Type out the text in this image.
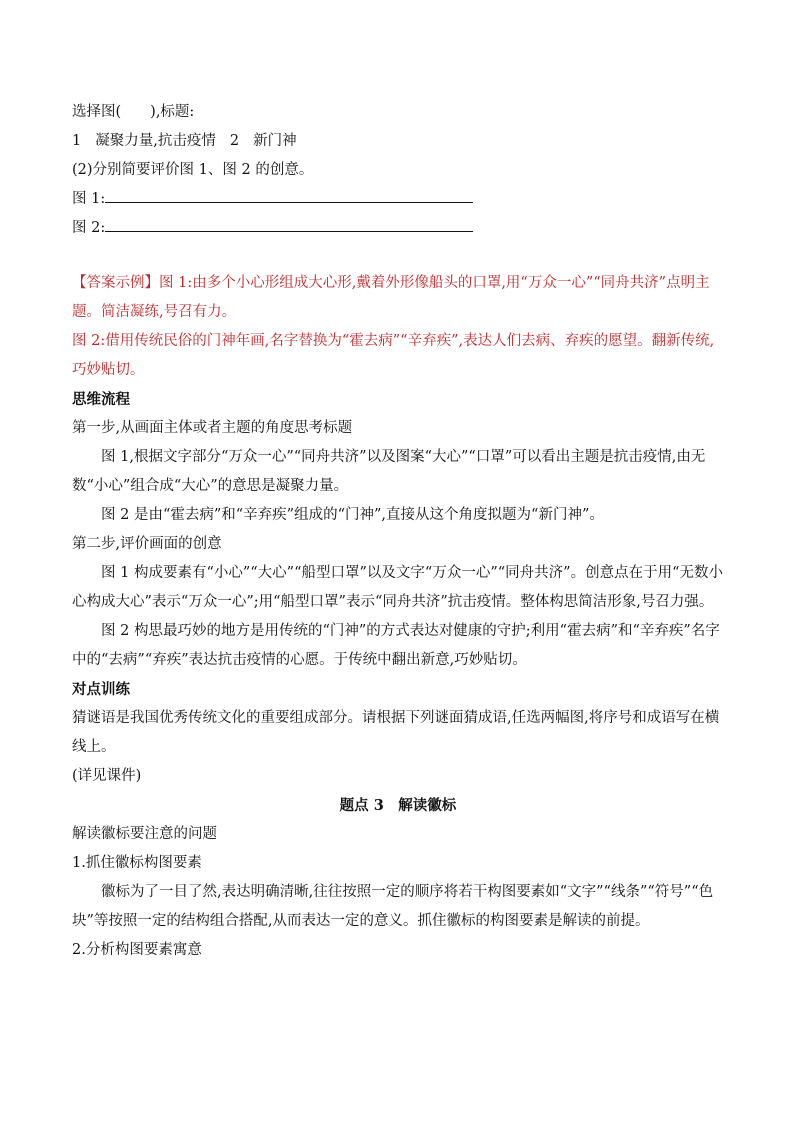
选择图(　　),标题:

1 凝聚力量,抗击疫情 2 新门神

(2)分别简要评价图 1、图 2 的创意。

图 1:

图 2:

【答案示例】图 1:由多个小心形组成大心形,戴着外形像船头的口罩,用“万众一心”“同舟共济”点明主题。简洁凝练,号召有力。

图 2:借用传统民俗的门神年画,名字替换为“霍去病”“辛弃疾”,表达人们去病、弃疾的愿望。翻新传统,巧妙贴切。

思维流程

第一步,从画面主体或者主题的角度思考标题

图 1,根据文字部分“万众一心”“同舟共济”以及图案“大心”“口罩”可以看出主题是抗击疫情,由无数“小心”组合成“大心”的意思是凝聚力量。

图 2 是由“霍去病”和“辛弃疾”组成的“门神”,直接从这个角度拟题为“新门神”。

第二步,评价画面的创意

图 1 构成要素有“小心”“大心”“船型口罩”以及文字“万众一心”“同舟共济”。创意点在于用“无数小心构成大心”表示“万众一心”;用“船型口罩”表示“同舟共济”抗击疫情。整体构思简洁形象,号召力强。

图 2 构思最巧妙的地方是用传统的“门神”的方式表达对健康的守护;利用“霍去病”和“辛弃疾”名字中的“去病”“弃疾”表达抗击疫情的心愿。于传统中翻出新意,巧妙贴切。

对点训练

猜谜语是我国优秀传统文化的重要组成部分。请根据下列谜面猜成语,任选两幅图,将序号和成语写在横线上。

(详见课件)

题点 3　解读徽标

解读徽标要注意的问题

1.抓住徽标构图要素

徽标为了一目了然,表达明确清晰,往往按照一定的顺序将若干构图要素如“文字”“线条”“符号”“色块”等按照一定的结构组合搭配,从而表达一定的意义。抓住徽标的构图要素是解读的前提。

2.分析构图要素寓意
